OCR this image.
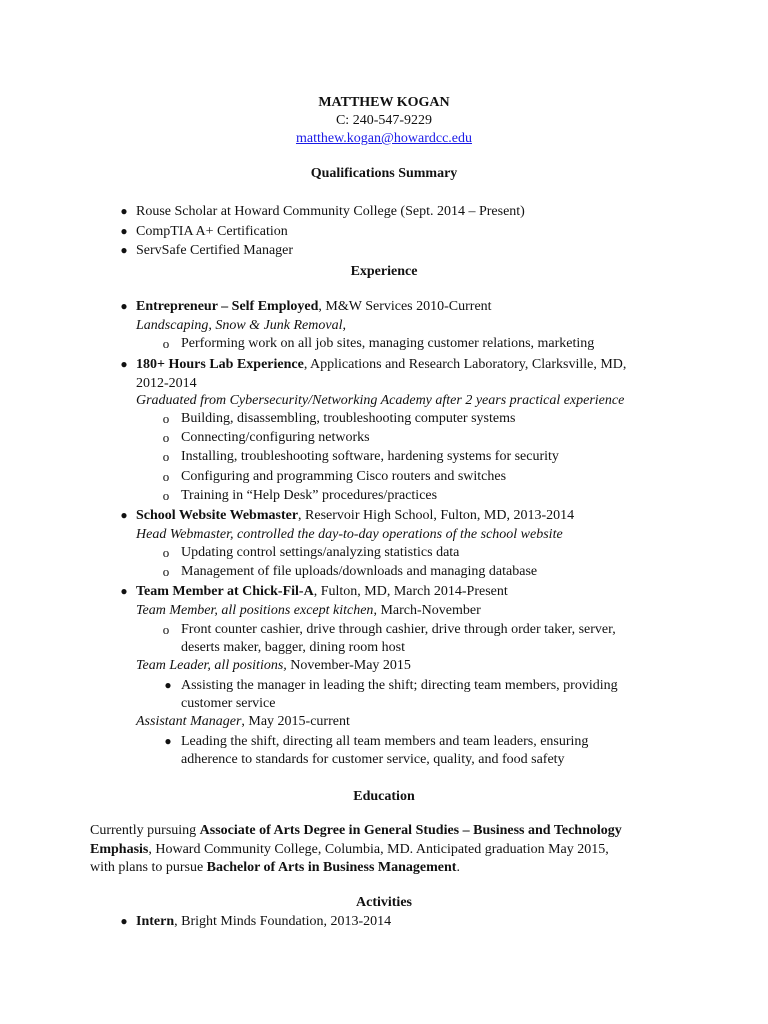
MATTHEW KOGAN
C: 240-547-9229
matthew.kogan@howardcc.edu
Qualifications Summary
● Rouse Scholar at Howard Community College (Sept. 2014 – Present)
● CompTIA A+ Certification
● ServSafe Certified Manager
Experience
● Entrepreneur – Self Employed, M&W Services 2010-Current
Landscaping, Snow & Junk Removal,
o Performing work on all job sites, managing customer relations, marketing
● 180+ Hours Lab Experience, Applications and Research Laboratory, Clarksville, MD,
2012-2014
Graduated from Cybersecurity/Networking Academy after 2 years practical experience
o Building, disassembling, troubleshooting computer systems
o Connecting/configuring networks
o Installing, troubleshooting software, hardening systems for security
o Configuring and programming Cisco routers and switches
o Training in “Help Desk” procedures/practices
● School Website Webmaster, Reservoir High School, Fulton, MD, 2013-2014
Head Webmaster, controlled the day-to-day operations of the school website
o Updating control settings/analyzing statistics data
o Management of file uploads/downloads and managing database
● Team Member at Chick-Fil-A, Fulton, MD, March 2014-Present
Team Member, all positions except kitchen, March-November
o Front counter cashier, drive through cashier, drive through order taker, server,
deserts maker, bagger, dining room host
Team Leader, all positions, November-May 2015
● Assisting the manager in leading the shift; directing team members, providing
customer service
Assistant Manager, May 2015-current
● Leading the shift, directing all team members and team leaders, ensuring
adherence to standards for customer service, quality, and food safety
Education
Currently pursuing Associate of Arts Degree in General Studies – Business and Technology
Emphasis, Howard Community College, Columbia, MD. Anticipated graduation May 2015,
with plans to pursue Bachelor of Arts in Business Management.
Activities
● Intern, Bright Minds Foundation, 2013-2014
